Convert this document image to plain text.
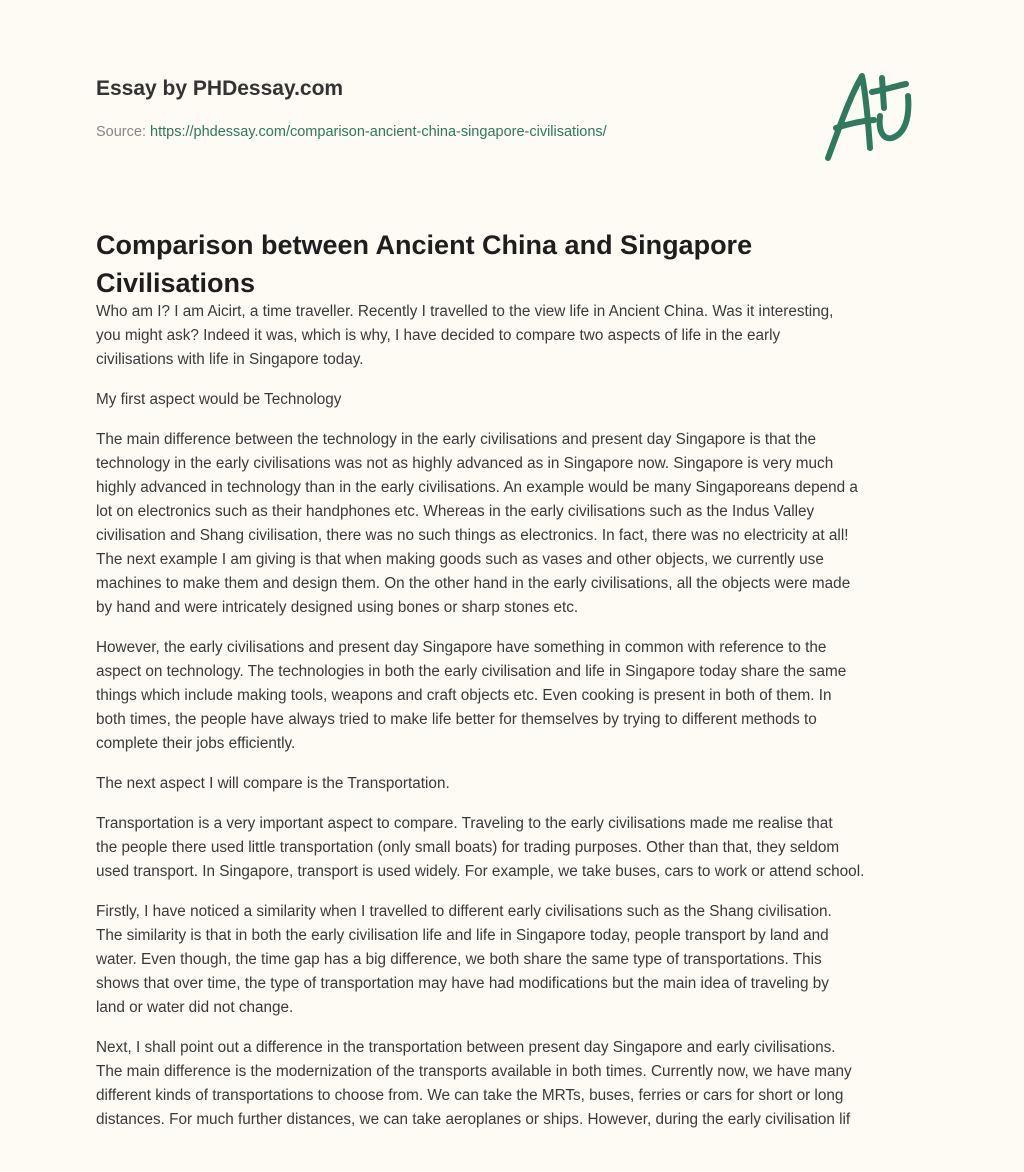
Essay by PHDessay.com
Source: https://phdessay.com/comparison-ancient-china-singapore-civilisations/
Comparison between Ancient China and Singapore
Civilisations

Who am I? I am Aicirt, a time traveller. Recently I travelled to the view life in Ancient China. Was it interesting,
you might ask? Indeed it was, which is why, I have decided to compare two aspects of life in the early
civilisations with life in Singapore today.

My first aspect would be Technology

The main difference between the technology in the early civilisations and present day Singapore is that the
technology in the early civilisations was not as highly advanced as in Singapore now. Singapore is very much
highly advanced in technology than in the early civilisations. An example would be many Singaporeans depend a
lot on electronics such as their handphones etc. Whereas in the early civilisations such as the Indus Valley
civilisation and Shang civilisation, there was no such things as electronics. In fact, there was no electricity at all!
The next example I am giving is that when making goods such as vases and other objects, we currently use
machines to make them and design them. On the other hand in the early civilisations, all the objects were made
by hand and were intricately designed using bones or sharp stones etc.

However, the early civilisations and present day Singapore have something in common with reference to the
aspect on technology. The technologies in both the early civilisation and life in Singapore today share the same
things which include making tools, weapons and craft objects etc. Even cooking is present in both of them. In
both times, the people have always tried to make life better for themselves by trying to different methods to
complete their jobs efficiently.

The next aspect I will compare is the Transportation.

Transportation is a very important aspect to compare. Traveling to the early civilisations made me realise that
the people there used little transportation (only small boats) for trading purposes. Other than that, they seldom
used transport. In Singapore, transport is used widely. For example, we take buses, cars to work or attend school.

Firstly, I have noticed a similarity when I travelled to different early civilisations such as the Shang civilisation.
The similarity is that in both the early civilisation life and life in Singapore today, people transport by land and
water. Even though, the time gap has a big difference, we both share the same type of transportations. This
shows that over time, the type of transportation may have had modifications but the main idea of traveling by
land or water did not change.

Next, I shall point out a difference in the transportation between present day Singapore and early civilisations.
The main difference is the modernization of the transports available in both times. Currently now, we have many
different kinds of transportations to choose from. We can take the MRTs, buses, ferries or cars for short or long
distances. For much further distances, we can take aeroplanes or ships. However, during the early civilisation lif
